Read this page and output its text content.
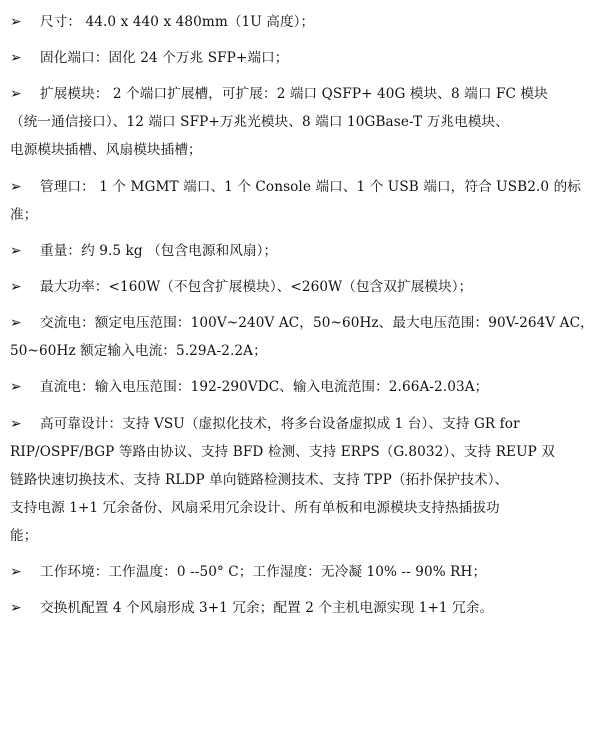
➢	尺寸： 44.0 x 440 x 480mm（1U 高度）；
➢	固化端口：固化 24 个万兆 SFP+端口；
➢	扩展模块： 2 个端口扩展槽，可扩展：2 端口 QSFP+ 40G 模块、8 端口 FC 模块
（统一通信接口）、12 端口 SFP+万兆光模块、8 端口 10GBase-T 万兆电模块、
电源模块插槽、风扇模块插槽；
➢	管理口： 1 个 MGMT 端口、1 个 Console 端口、1 个 USB 端口，符合 USB2.0 的标
准；
➢	重量：约 9.5 kg （包含电源和风扇）；
➢	最大功率：<160W（不包含扩展模块）、<260W（包含双扩展模块）；
➢	交流电：额定电压范围：100V~240V AC，50~60Hz、最大电压范围：90V-264V AC，
50~60Hz 额定输入电流：5.29A-2.2A；
➢	直流电：输入电压范围：192-290VDC、输入电流范围：2.66A-2.03A；
➢	高可靠设计：支持 VSU（虚拟化技术，将多台设备虚拟成 1 台）、支持 GR for
RIP/OSPF/BGP 等路由协议、支持 BFD 检测、支持 ERPS（G.8032）、支持 REUP 双
链路快速切换技术、支持 RLDP 单向链路检测技术、支持 TPP（拓扑保护技术）、
支持电源 1+1 冗余备份、风扇采用冗余设计、所有单板和电源模块支持热插拔功
能；
➢	工作环境：工作温度：0 --50° C；工作湿度：无冷凝 10% -- 90% RH；
➢	交换机配置 4 个风扇形成 3+1 冗余；配置 2 个主机电源实现 1+1 冗余。
